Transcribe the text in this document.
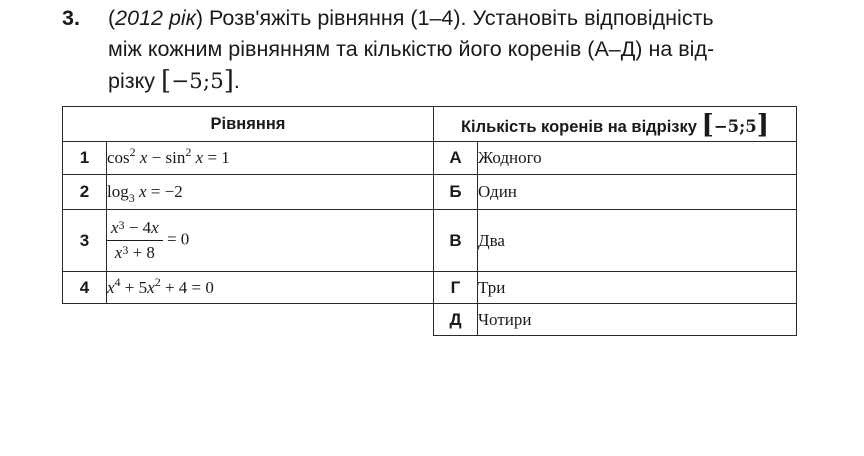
3. (2012 рік) Розв'яжіть рівняння (1–4). Установіть відповідність
між кожним рівнянням та кількістю його коренів (А–Д) на від-
різку [−5;5].
Рівняння		Кількість коренів на відрізку [−5;5]	
1	$\cos^2 x - \sin^2 x = 1$	А	Жодного
2	$\log_3 x = -2$	Б	Один
3	$\frac{x^3 - 4x}{x^3 + 8} = 0$	В	Два
4	$x^4 + 5x^2 + 4 = 0$	Г	Три
		Д	Чотири
